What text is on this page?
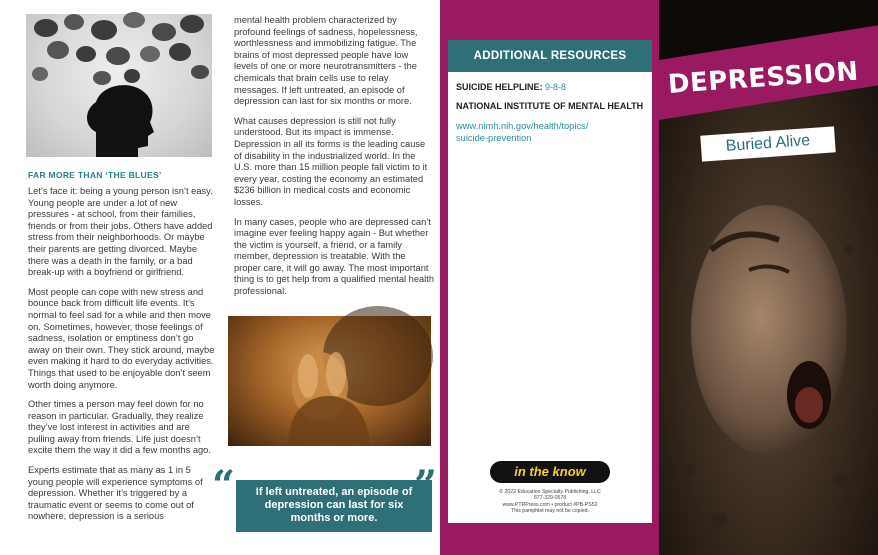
FAR MORE THAN ‘THE BLUES’

Let’s face it: being a young person isn’t easy. Young people are under a lot of new pressures - at school, from their families, friends or from their jobs. Others have added stress from their neighborhoods. Or maybe their parents are getting divorced. Maybe there was a death in the family, or a bad break-up with a boyfriend or girlfriend.

Most people can cope with new stress and bounce back from difficult life events. It’s normal to feel sad for a while and then move on. Sometimes, however, those feelings of sadness, isolation or emptiness don’t go away on their own. They stick around, maybe even making it hard to do everyday activities. Things that used to be enjoyable don’t seem worth doing anymore.

Other times a person may feel down for no reason in particular. Gradually, they realize they’ve lost interest in activities and are pulling away from friends. Life just doesn’t excite them the way it did a few months ago.

Experts estimate that as many as 1 in 5 young people will experience symptoms of depression. Whether it’s triggered by a traumatic event or seems to come out of nowhere, depression is a serious

mental health problem characterized by profound feelings of sadness, hopelessness, worthlessness and immobilizing fatigue. The brains of most depressed people have low levels of one or more neurotransmitters - the chemicals that brain cells use to relay messages. If left untreated, an episode of depression can last for six months or more.

What causes depression is still not fully understood. But its impact is immense. Depression in all its forms is the leading cause of disability in the industrialized world. In the U.S. more than 15 million people fall victim to it every year, costing the economy an estimated $236 billion in medical costs and economic losses.

In many cases, people who are depressed can’t imagine ever feeling happy again - But whether the victim is yourself, a friend, or a family member, depression is treatable. With the proper care, it will go away. The most important thing is to get help from a qualified mental health professional.

If left untreated, an episode of depression can last for six months or more.
“	”
ADDITIONAL RESOURCES
SUICIDE HELPLINE: 9-8-8
NATIONAL INSTITUTE OF MENTAL HEALTH
www.nimh.nih.gov/health/topics/
suicide-prevention
in the know
© 2022 Education Specialty Publishing, LLC
877-329-0578
www.PTRPress.com • product #PB-PS52
This pamphlet may not be copied.
DEPRESSION
Buried Alive
